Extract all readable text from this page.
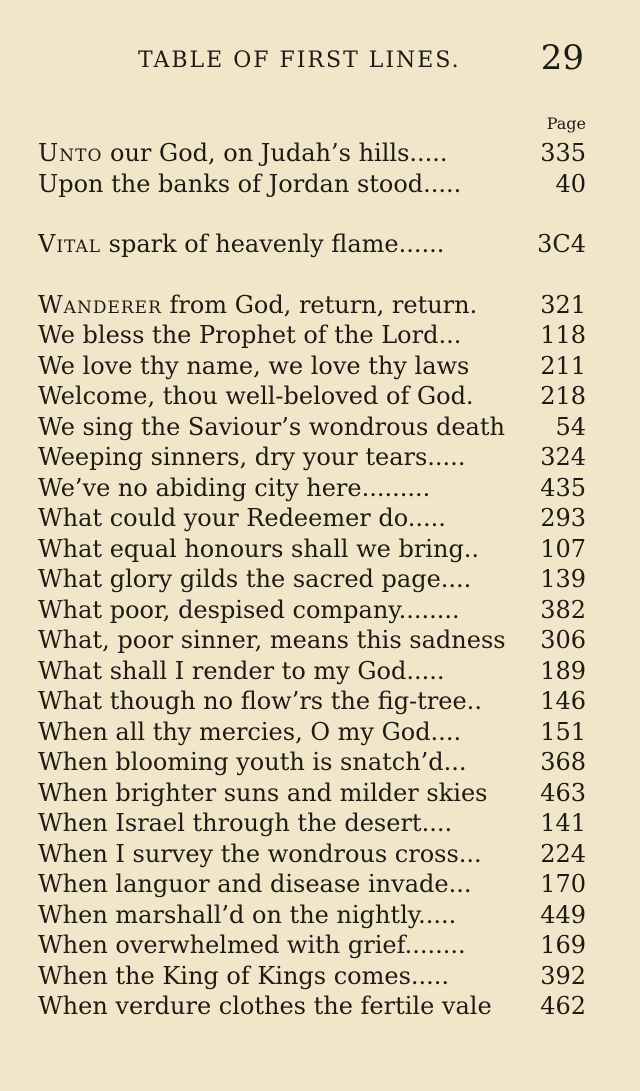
TABLE OF FIRST LINES. 29
Page
Unto our God, on Judah’s hills.....	335
Upon the banks of Jordan stood.....	40
Vital spark of heavenly flame......	3C4
Wanderer from God, return, return.	321
We bless the Prophet of the Lord...	118
We love thy name, we love thy laws	211
Welcome, thou well-beloved of God.	218
We sing the Saviour’s wondrous death	54
Weeping sinners, dry your tears.....	324
We’ve no abiding city here.........	435
What could your Redeemer do.....	293
What equal honours shall we bring..	107
What glory gilds the sacred page....	139
What poor, despised company........	382
What, poor sinner, means this sadness	306
What shall I render to my God.....	189
What though no flow’rs the fig-tree..	146
When all thy mercies, O my God....	151
When blooming youth is snatch’d...	368
When brighter suns and milder skies	463
When Israel through the desert....	141
When I survey the wondrous cross...	224
When languor and disease invade...	170
When marshall’d on the nightly.....	449
When overwhelmed with grief........	169
When the King of Kings comes.....	392
When verdure clothes the fertile vale	462
